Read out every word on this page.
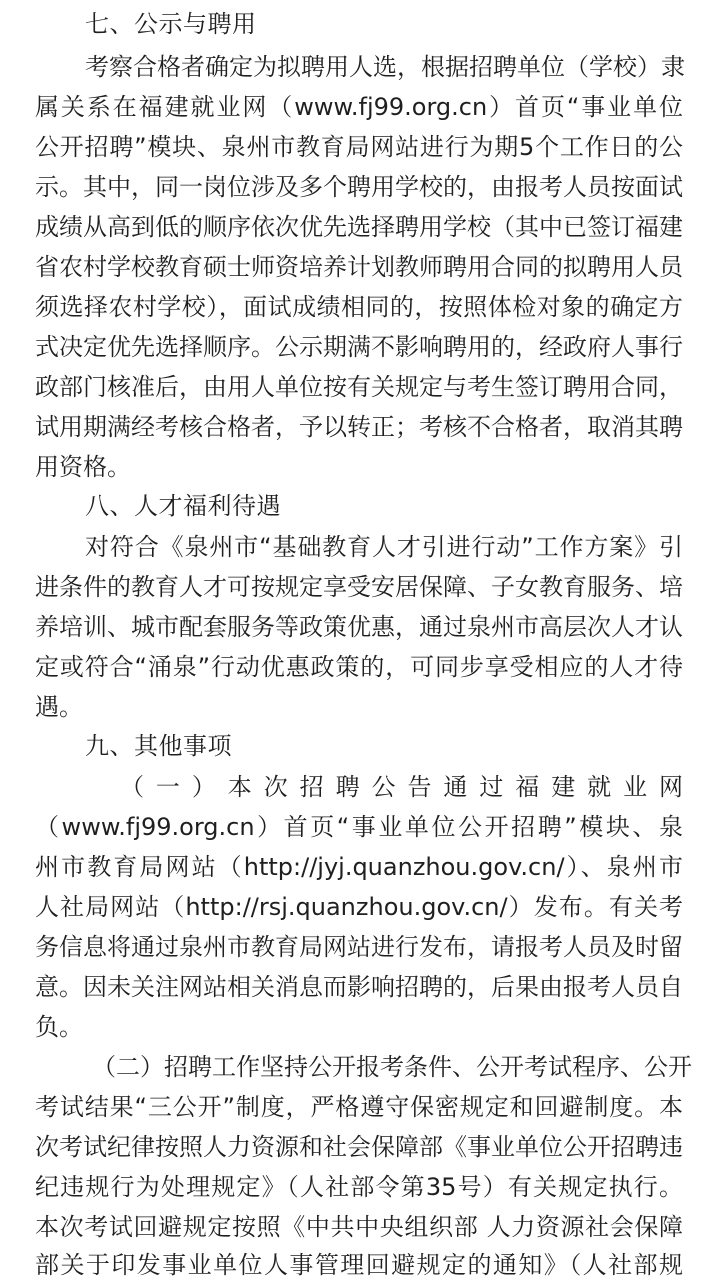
七、公示与聘用
考察合格者确定为拟聘用人选，根据招聘单位（学校）隶
属关系在福建就业网（www.fj99.org.cn）首页“事业单位
公开招聘”模块、泉州市教育局网站进行为期5个工作日的公
示。其中，同一岗位涉及多个聘用学校的，由报考人员按面试
成绩从高到低的顺序依次优先选择聘用学校（其中已签订福建
省农村学校教育硕士师资培养计划教师聘用合同的拟聘用人员
须选择农村学校），面试成绩相同的，按照体检对象的确定方
式决定优先选择顺序。公示期满不影响聘用的，经政府人事行
政部门核准后，由用人单位按有关规定与考生签订聘用合同，
试用期满经考核合格者，予以转正；考核不合格者，取消其聘
用资格。
八、人才福利待遇
对符合《泉州市“基础教育人才引进行动”工作方案》引
进条件的教育人才可按规定享受安居保障、子女教育服务、培
养培训、城市配套服务等政策优惠，通过泉州市高层次人才认
定或符合“涌泉”行动优惠政策的，可同步享受相应的人才待
遇。
九、其他事项
（一）本次招聘公告通过福建就业网
（www.fj99.org.cn）首页“事业单位公开招聘”模块、泉
州市教育局网站（http://jyj.quanzhou.gov.cn/）、泉州市
人社局网站（http://rsj.quanzhou.gov.cn/）发布。有关考
务信息将通过泉州市教育局网站进行发布，请报考人员及时留
意。因未关注网站相关消息而影响招聘的，后果由报考人员自
负。
（二）招聘工作坚持公开报考条件、公开考试程序、公开
考试结果“三公开”制度，严格遵守保密规定和回避制度。本
次考试纪律按照人力资源和社会保障部《事业单位公开招聘违
纪违规行为处理规定》（人社部令第35号）有关规定执行。
本次考试回避规定按照《中共中央组织部 人力资源社会保障
部关于印发事业单位人事管理回避规定的通知》（人社部规
